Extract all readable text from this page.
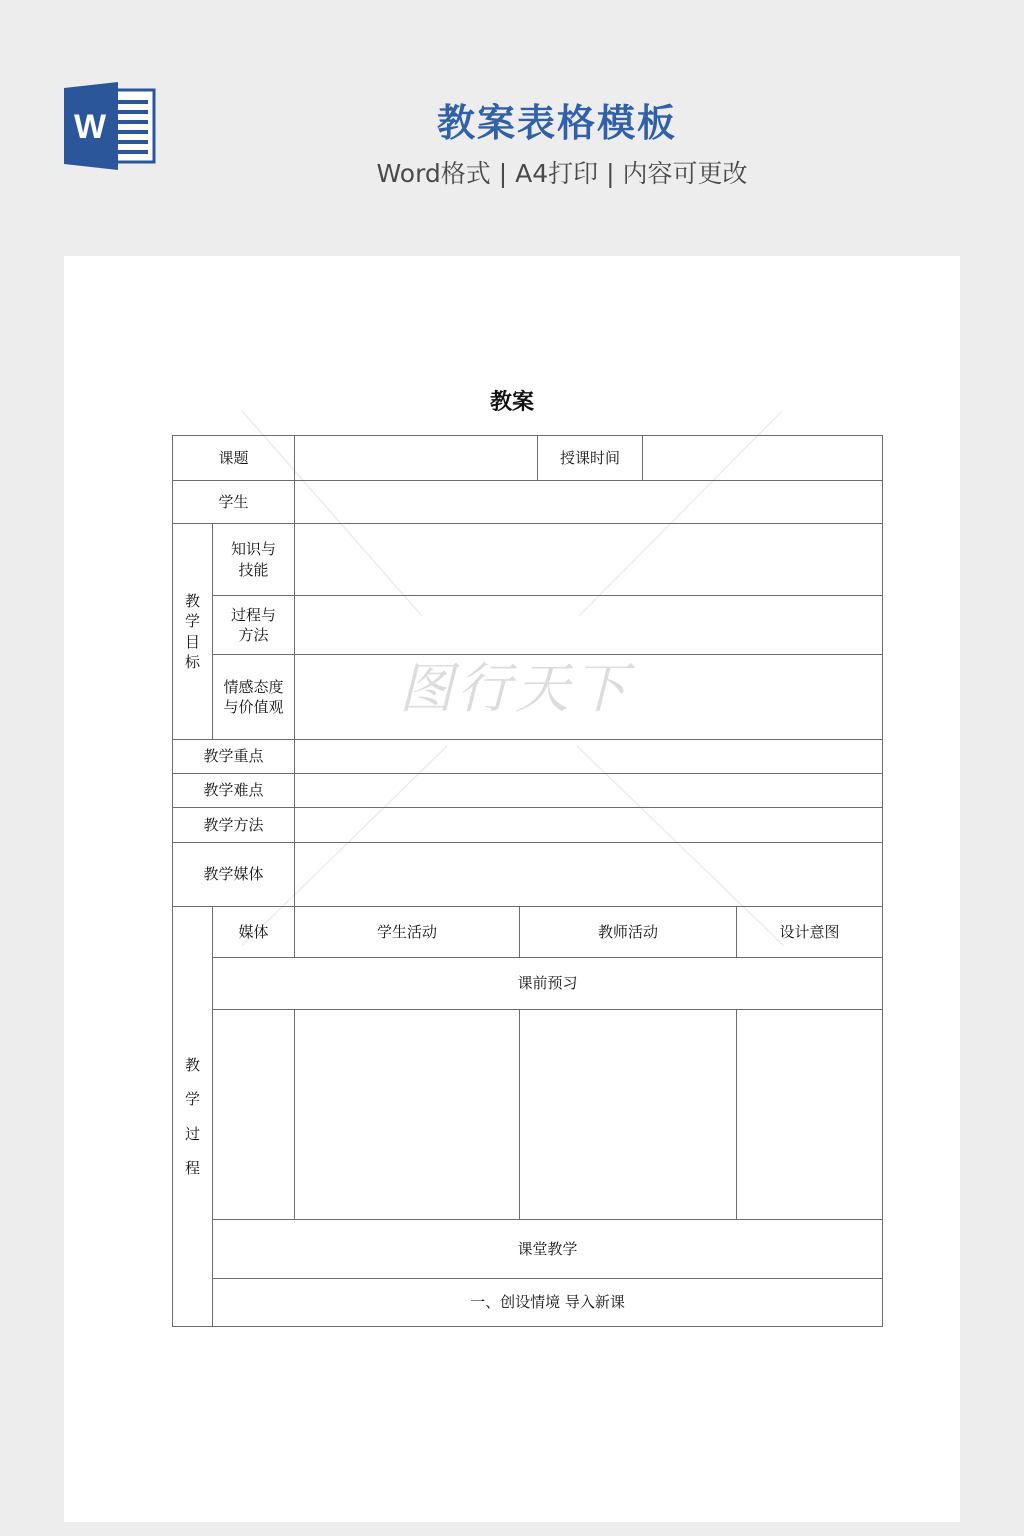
W	教案表格模板
Word格式 | A4打印 | 内容可更改
图行天下
教案
课题				授课时间		
学生						

教
学
目
标	知识与
技能					

	过程与
方法					

	情感态度
与价值观					

教学重点						
教学难点						
教学方法						
教学媒体						

教
学
过
程	媒体	学生活动	教师活动			设计意图
	课前预习					

	课堂教学					
	一、创设情境 导入新课					
